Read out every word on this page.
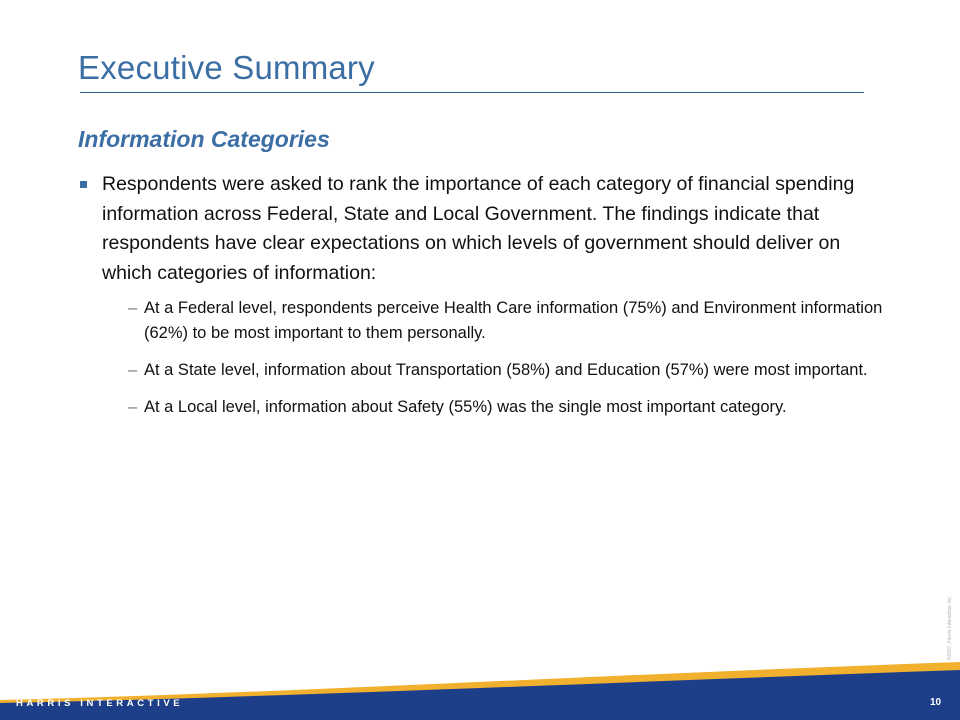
Executive Summary
Information Categories
Respondents were asked to rank the importance of each category of financial spending information across Federal, State and Local Government. The findings indicate that respondents have clear expectations on which levels of government should deliver on which categories of information:
– At a Federal level, respondents perceive Health Care information (75%) and Environment information (62%) to be most important to them personally.
– At a State level, information about Transportation (58%) and Education (57%) were most important.
– At a Local level, information about Safety (55%) was the single most important category.
©2007, Harris Interactive Inc.
HARRIS INTERACTIVE	10
